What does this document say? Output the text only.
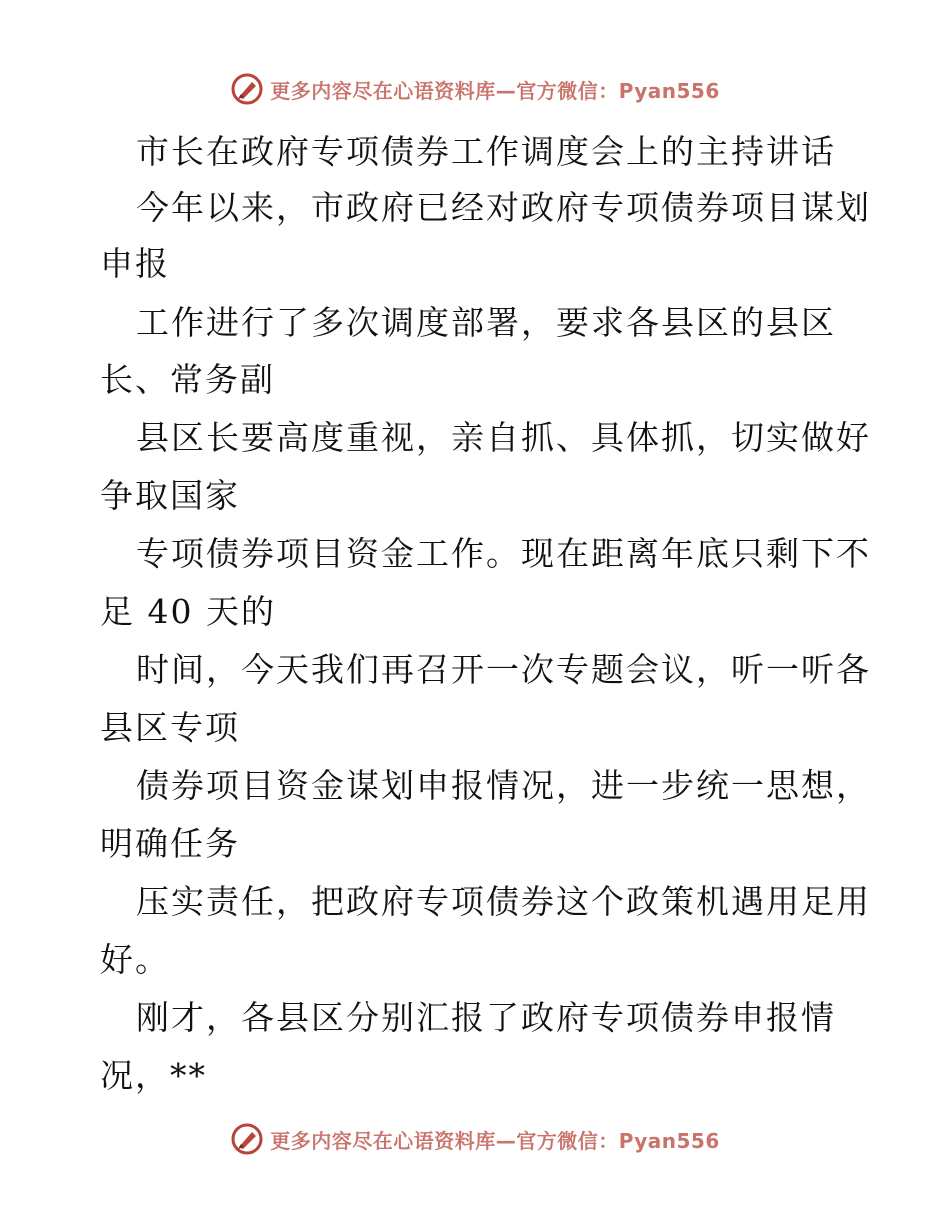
更多内容尽在心语资料库—官方微信：Pyan556
市长在政府专项债券工作调度会上的主持讲话
今年以来，市政府已经对政府专项债券项目谋划
申报
工作进行了多次调度部署，要求各县区的县区
长、常务副
县区长要高度重视，亲自抓、具体抓，切实做好
争取国家
专项债券项目资金工作。现在距离年底只剩下不
足 40 天的
时间，今天我们再召开一次专题会议，听一听各
县区专项
债券项目资金谋划申报情况，进一步统一思想，
明确任务
压实责任，把政府专项债券这个政策机遇用足用
好。
刚才，各县区分别汇报了政府专项债券申报情
况，**
更多内容尽在心语资料库—官方微信：Pyan556
